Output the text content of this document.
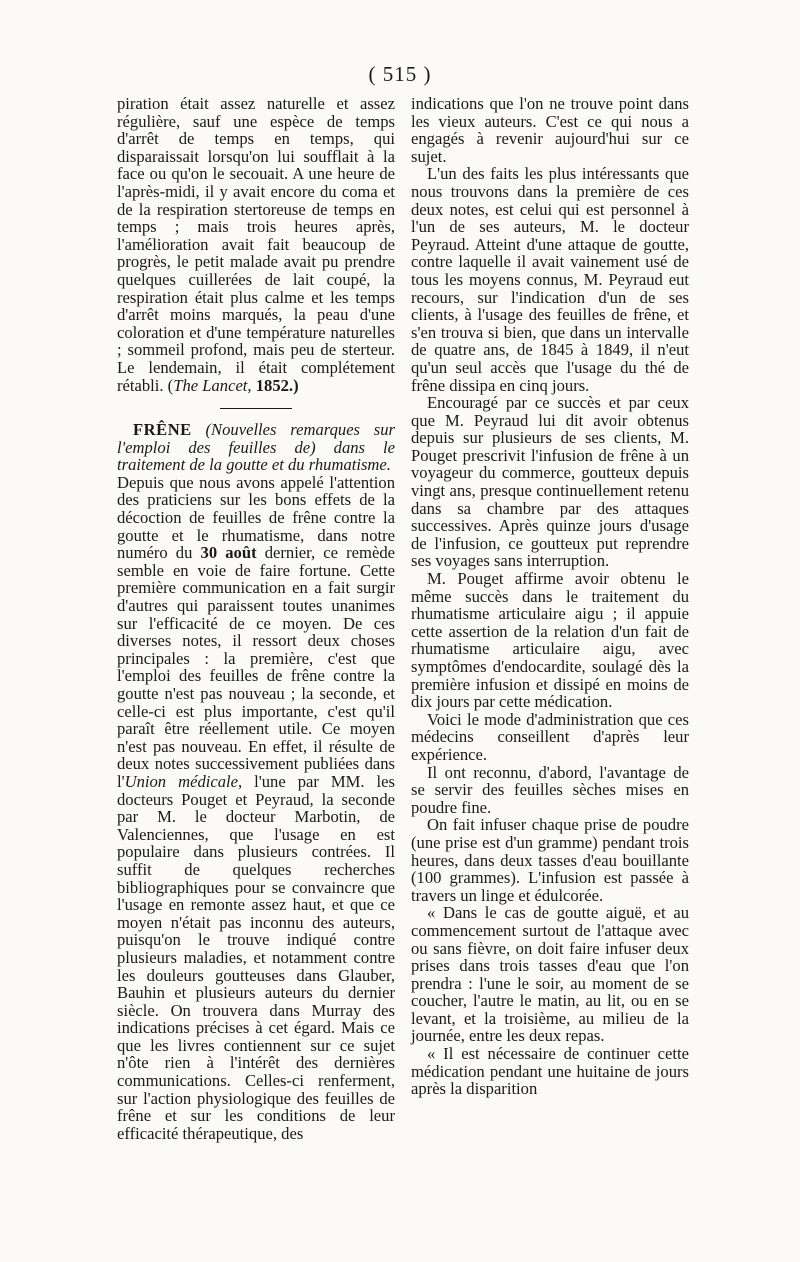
( 515 )

piration était assez naturelle et assez régulière, sauf une espèce de temps d'arrêt de temps en temps, qui disparaissait lorsqu'on lui soufflait à la face ou qu'on le secouait. A une heure de l'après-midi, il y avait encore du coma et de la respiration stertoreuse de temps en temps ; mais trois heures après, l'amélioration avait fait beaucoup de progrès, le petit malade avait pu prendre quelques cuillerées de lait coupé, la respiration était plus calme et les temps d'arrêt moins marqués, la peau d'une coloration et d'une température naturelles ; sommeil profond, mais peu de sterteur. Le lendemain, il était complétement rétabli. (The Lancet, 1852.)

FRÊNE (Nouvelles remarques sur l'emploi des feuilles de) dans le traitement de la goutte et du rhumatisme.

Depuis que nous avons appelé l'attention des praticiens sur les bons effets de la décoction de feuilles de frêne contre la goutte et le rhumatisme, dans notre numéro du 30 août dernier, ce remède semble en voie de faire fortune. Cette première communication en a fait surgir d'autres qui paraissent toutes unanimes sur l'efficacité de ce moyen. De ces diverses notes, il ressort deux choses principales : la première, c'est que l'emploi des feuilles de frêne contre la goutte n'est pas nouveau ; la seconde, et celle-ci est plus importante, c'est qu'il paraît être réellement utile. Ce moyen n'est pas nouveau. En effet, il résulte de deux notes successivement publiées dans l'Union médicale, l'une par MM. les docteurs Pouget et Peyraud, la seconde par M. le docteur Marbotin, de Valenciennes, que l'usage en est populaire dans plusieurs contrées. Il suffit de quelques recherches bibliographiques pour se convaincre que l'usage en remonte assez haut, et que ce moyen n'était pas inconnu des auteurs, puisqu'on le trouve indiqué contre plusieurs maladies, et notamment contre les douleurs goutteuses dans Glauber, Bauhin et plusieurs auteurs du dernier siècle. On trouvera dans Murray des indications précises à cet égard. Mais ce que les livres contiennent sur ce sujet n'ôte rien à l'intérêt des dernières communications. Celles-ci renferment, sur l'action physiologique des feuilles de frêne et sur les conditions de leur efficacité thérapeutique, des

indications que l'on ne trouve point dans les vieux auteurs. C'est ce qui nous a engagés à revenir aujourd'hui sur ce sujet.

L'un des faits les plus intéressants que nous trouvons dans la première de ces deux notes, est celui qui est personnel à l'un de ses auteurs, M. le docteur Peyraud. Atteint d'une attaque de goutte, contre laquelle il avait vainement usé de tous les moyens connus, M. Peyraud eut recours, sur l'indication d'un de ses clients, à l'usage des feuilles de frêne, et s'en trouva si bien, que dans un intervalle de quatre ans, de 1845 à 1849, il n'eut qu'un seul accès que l'usage du thé de frêne dissipa en cinq jours.

Encouragé par ce succès et par ceux que M. Peyraud lui dit avoir obtenus depuis sur plusieurs de ses clients, M. Pouget prescrivit l'infusion de frêne à un voyageur du commerce, goutteux depuis vingt ans, presque continuellement retenu dans sa chambre par des attaques successives. Après quinze jours d'usage de l'infusion, ce goutteux put reprendre ses voyages sans interruption.

M. Pouget affirme avoir obtenu le même succès dans le traitement du rhumatisme articulaire aigu ; il appuie cette assertion de la relation d'un fait de rhumatisme articulaire aigu, avec symptômes d'endocardite, soulagé dès la première infusion et dissipé en moins de dix jours par cette médication.

Voici le mode d'administration que ces médecins conseillent d'après leur expérience.

Il ont reconnu, d'abord, l'avantage de se servir des feuilles sèches mises en poudre fine.

On fait infuser chaque prise de poudre (une prise est d'un gramme) pendant trois heures, dans deux tasses d'eau bouillante (100 grammes). L'infusion est passée à travers un linge et édulcorée.

« Dans le cas de goutte aiguë, et au commencement surtout de l'attaque avec ou sans fièvre, on doit faire infuser deux prises dans trois tasses d'eau que l'on prendra : l'une le soir, au moment de se coucher, l'autre le matin, au lit, ou en se levant, et la troisième, au milieu de la journée, entre les deux repas.

« Il est nécessaire de continuer cette médication pendant une huitaine de jours après la disparition
